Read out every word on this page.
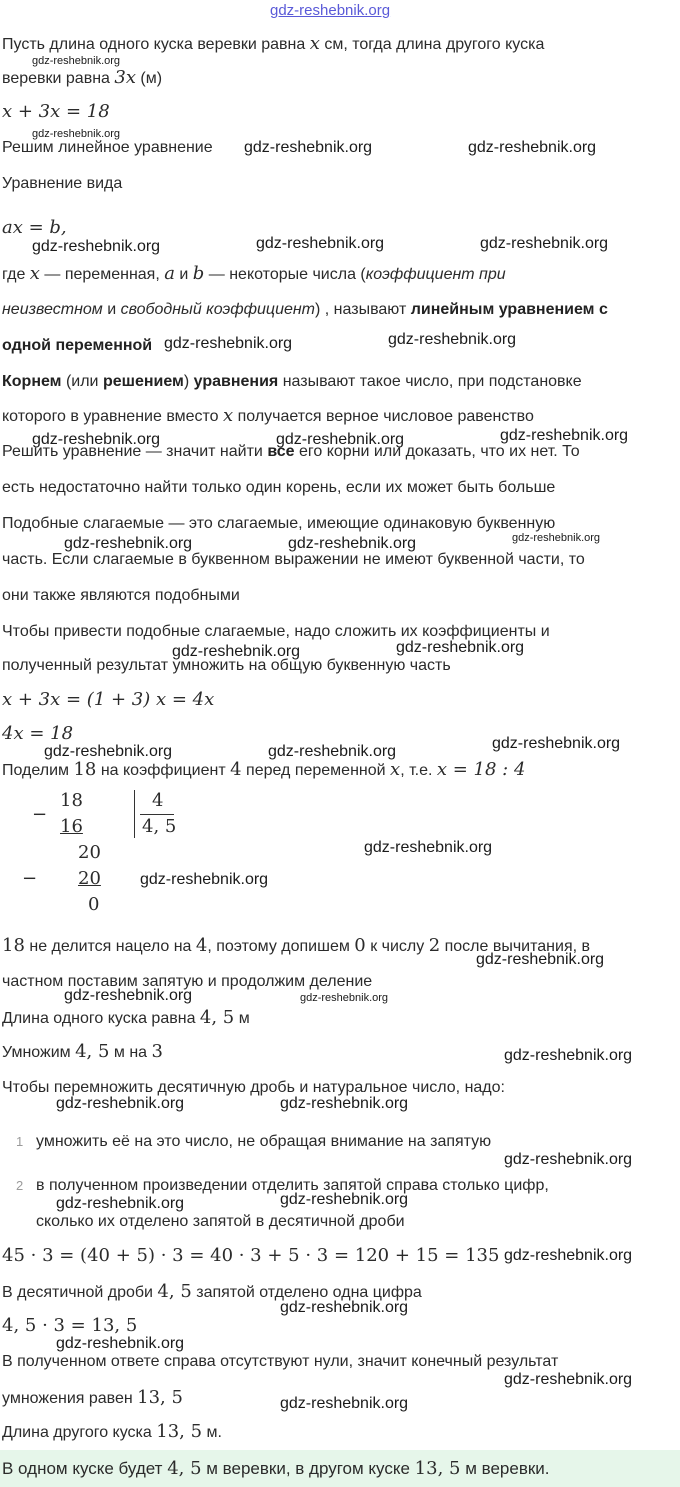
gdz-reshebnik.org
gdz-reshebnik.org
gdz-reshebnik.org
gdz-reshebnik.org	gdz-reshebnik.org
gdz-reshebnik.org	gdz-reshebnik.org	gdz-reshebnik.org
gdz-reshebnik.org	gdz-reshebnik.org
gdz-reshebnik.org	gdz-reshebnik.org	gdz-reshebnik.org
gdz-reshebnik.org	gdz-reshebnik.org	gdz-reshebnik.org
gdz-reshebnik.org	gdz-reshebnik.org
gdz-reshebnik.org	gdz-reshebnik.org	gdz-reshebnik.org
gdz-reshebnik.org
gdz-reshebnik.org
gdz-reshebnik.org
gdz-reshebnik.org	gdz-reshebnik.org
gdz-reshebnik.org
gdz-reshebnik.org	gdz-reshebnik.org
gdz-reshebnik.org
gdz-reshebnik.org	gdz-reshebnik.org
gdz-reshebnik.org
gdz-reshebnik.org
gdz-reshebnik.org
gdz-reshebnik.org
gdz-reshebnik.org
Пусть длина одного куска веревки равна x см, тогда длина другого куска
веревки равна 3x (м)
x + 3x = 18
Решим линейное уравнение
Уравнение вида
ax = b,
где x — переменная, a и b — некоторые числа (коэффициент при
неизвестном и свободный коэффициент) , называют линейным уравнением с
одной переменной
Корнем (или решением) уравнения называют такое число, при подстановке
которого в уравнение вместо x получается верное числовое равенство
Решить уравнение — значит найти все его корни или доказать, что их нет. То
есть недостаточно найти только один корень, если их может быть больше
Подобные слагаемые — это слагаемые, имеющие одинаковую буквенную
часть. Если слагаемые в буквенном выражении не имеют буквенной части, то
они также являются подобными
Чтобы привести подобные слагаемые, надо сложить их коэффициенты и
полученный результат умножить на общую буквенную часть
x + 3x = (1 + 3) x = 4x
4x = 18
Поделим 18 на коэффициент 4 перед переменной x, т.е. x = 18 : 4
−
18
16
4
4, 5
20
− 20
0
18 не делится нацело на 4, поэтому допишем 0 к числу 2 после вычитания, в
частном поставим запятую и продолжим деление
Длина одного куска равна 4, 5 м
Умножим 4, 5 м на 3
Чтобы перемножить десятичную дробь и натуральное число, надо:
1 умножить её на это число, не обращая внимание на запятую
2 в полученном произведении отделить запятой справа столько цифр,
сколько их отделено запятой в десятичной дроби
45 · 3 = (40 + 5) · 3 = 40 · 3 + 5 · 3 = 120 + 15 = 135
В десятичной дроби 4, 5 запятой отделено одна цифра
4, 5 · 3 = 13, 5
В полученном ответе справа отсутствуют нули, значит конечный результат
умножения равен 13, 5
Длина другого куска 13, 5 м.
В одном куске будет 4, 5 м веревки, в другом куске 13, 5 м веревки.
